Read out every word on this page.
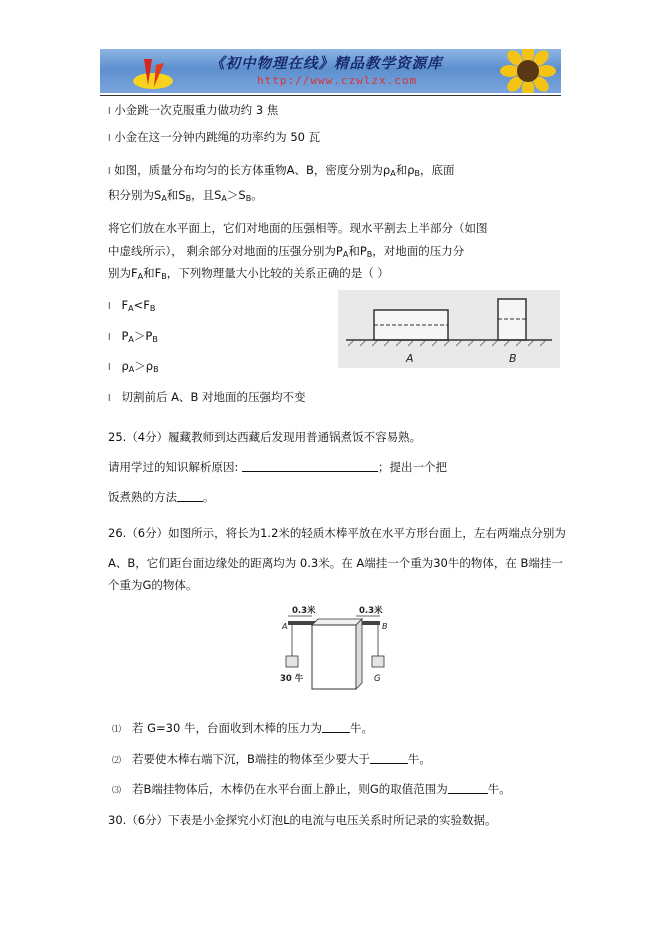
《初中物理在线》精品教学资源库
http://www.czwlzx.com
l 小金跳一次克服重力做功约 3 焦
l 小金在这一分钟内跳绳的功率约为 50 瓦
l 如图，质量分布均匀的长方体重物A、B，密度分别为$\rho_A$和$\rho_B$，底面
积分别为$S_A$和$S_B$，且$S_A>S_B$。
将它们放在水平面上，它们对地面的压强相等。现水平割去上半部分（如图
中虚线所示）， 剩余部分对地面的压强分别为$P_A$和$P_B$，对地面的压力分
别为$F_A$和$F_B$，下列物理量大小比较的关系正确的是（ ）
l $F_A<F_B$
l $P_A>P_B$
l $\rho_A>\rho_B$
l 切割前后 A、B 对地面的压强均不变
A	B
25.（4分）履藏教师到达西藏后发现用普通锅煮饭不容易熟。
请用学过的知识解析原因:	；提出一个把
饭煮熟的方法 。
26.（6分）如图所示，将长为1.2米的轻质木棒平放在水平方形台面上，左右两端点分别为
A、B，它们距台面边缘处的距离均为 0.3米。在 A端挂一个重为30牛的物体，在 B端挂一
个重为G的物体。
0.3米	0.3米
A	B
30 牛	G
⑴ 若 G=30 牛，台面收到木棒的压力为 牛。
⑵ 若要使木棒右端下沉，B端挂的物体至少要大于	牛。
⑶ 若B端挂物体后，木棒仍在水平台面上静止，则G的取值范围为	牛。
30.（6分）下表是小金探究小灯泡L的电流与电压关系时所记录的实验数据。
